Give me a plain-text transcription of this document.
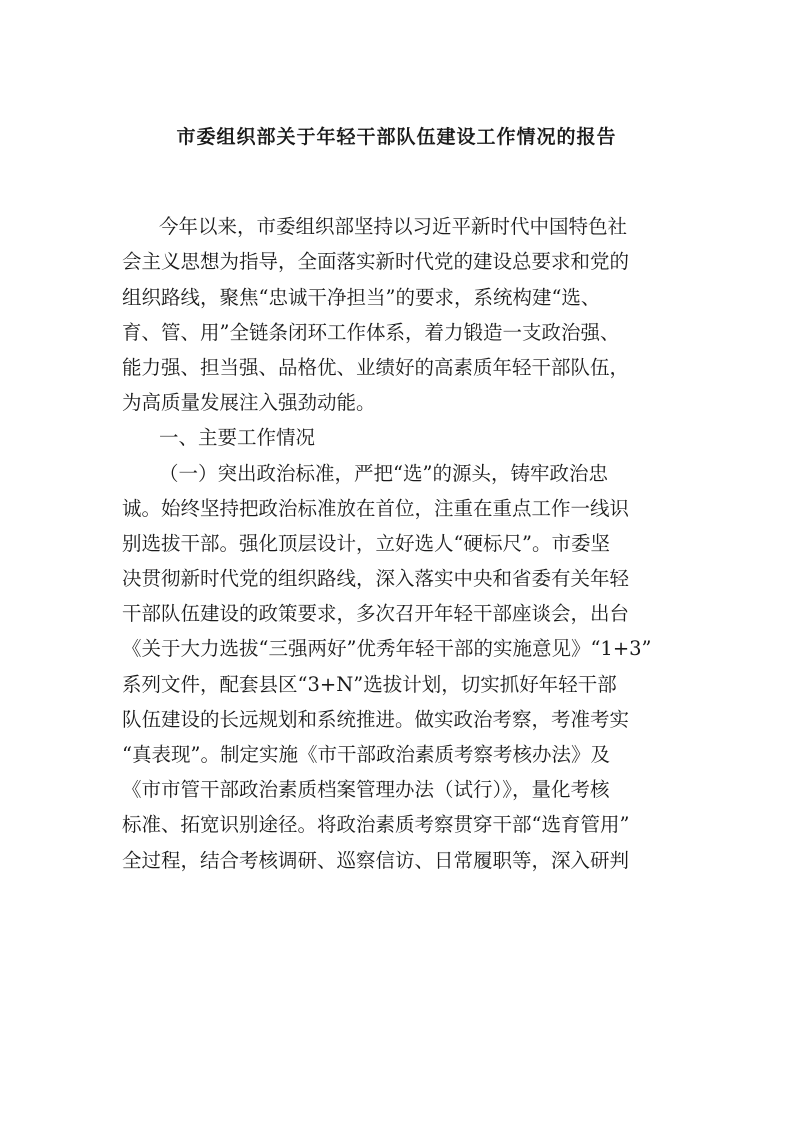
市委组织部关于年轻干部队伍建设工作情况的报告
今年以来，市委组织部坚持以习近平新时代中国特色社
会主义思想为指导，全面落实新时代党的建设总要求和党的
组织路线，聚焦“忠诚干净担当”的要求，系统构建“选、
育、管、用”全链条闭环工作体系，着力锻造一支政治强、
能力强、担当强、品格优、业绩好的高素质年轻干部队伍，
为高质量发展注入强劲动能。
一、主要工作情况
（一）突出政治标准，严把“选”的源头，铸牢政治忠
诚。始终坚持把政治标准放在首位，注重在重点工作一线识
别选拔干部。强化顶层设计，立好选人“硬标尺”。市委坚
决贯彻新时代党的组织路线，深入落实中央和省委有关年轻
干部队伍建设的政策要求，多次召开年轻干部座谈会，出台
《关于大力选拔“三强两好”优秀年轻干部的实施意见》“1+3”
系列文件，配套县区“3+N”选拔计划，切实抓好年轻干部
队伍建设的长远规划和系统推进。做实政治考察，考准考实
“真表现”。制定实施《市干部政治素质考察考核办法》及
《市市管干部政治素质档案管理办法（试行）》，量化考核
标准、拓宽识别途径。将政治素质考察贯穿干部“选育管用”
全过程，结合考核调研、巡察信访、日常履职等，深入研判
